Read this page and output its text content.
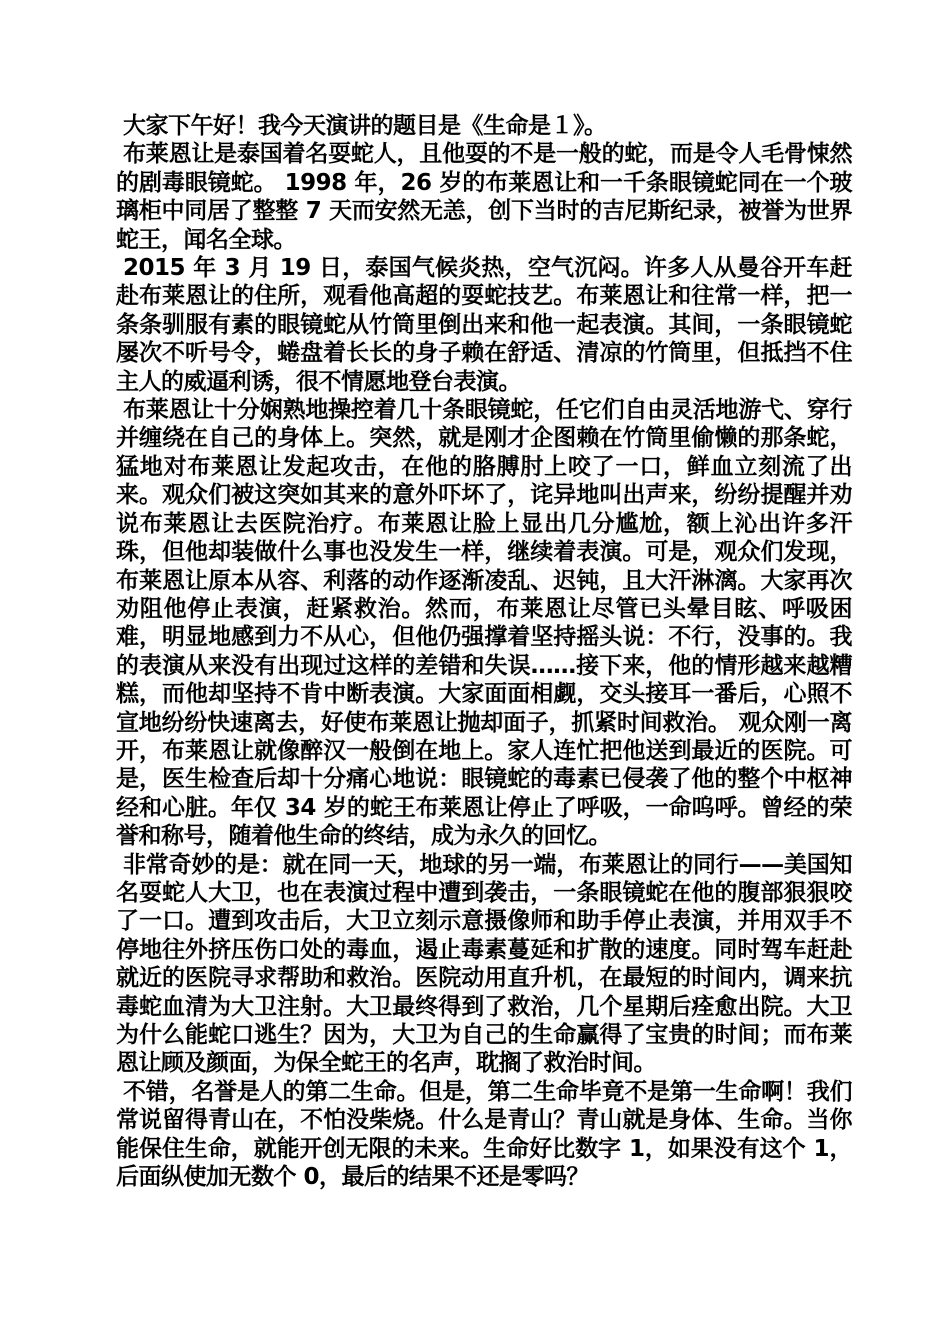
大家下午好！我今天演讲的题目是《生命是１》。

布莱恩让是泰国着名耍蛇人，且他耍的不是一般的蛇，而是令人毛骨悚然的剧毒眼镜蛇。 1998 年，26 岁的布莱恩让和一千条眼镜蛇同在一个玻璃柜中同居了整整 7 天而安然无恙，创下当时的吉尼斯纪录，被誉为世界蛇王，闻名全球。

2015 年 3 月 19 日，泰国气候炎热，空气沉闷。许多人从曼谷开车赶赴布莱恩让的住所，观看他高超的耍蛇技艺。布莱恩让和往常一样，把一条条驯服有素的眼镜蛇从竹筒里倒出来和他一起表演。其间，一条眼镜蛇屡次不听号令，蜷盘着长长的身子赖在舒适、清凉的竹筒里，但抵挡不住主人的威逼利诱，很不情愿地登台表演。

布莱恩让十分娴熟地操控着几十条眼镜蛇，任它们自由灵活地游弋、穿行并缠绕在自己的身体上。突然，就是刚才企图赖在竹筒里偷懒的那条蛇，猛地对布莱恩让发起攻击，在他的胳膊肘上咬了一口，鲜血立刻流了出来。观众们被这突如其来的意外吓坏了，诧异地叫出声来，纷纷提醒并劝说布莱恩让去医院治疗。布莱恩让脸上显出几分尴尬，额上沁出许多汗珠，但他却装做什么事也没发生一样，继续着表演。可是，观众们发现，布莱恩让原本从容、利落的动作逐渐凌乱、迟钝，且大汗淋漓。大家再次劝阻他停止表演，赶紧救治。然而，布莱恩让尽管已头晕目眩、呼吸困难，明显地感到力不从心，但他仍强撑着坚持摇头说：不行，没事的。我的表演从来没有出现过这样的差错和失误……接下来，他的情形越来越糟糕，而他却坚持不肯中断表演。大家面面相觑，交头接耳一番后，心照不宣地纷纷快速离去，好使布莱恩让抛却面子，抓紧时间救治。 观众刚一离开，布莱恩让就像醉汉一般倒在地上。家人连忙把他送到最近的医院。可是，医生检查后却十分痛心地说：眼镜蛇的毒素已侵袭了他的整个中枢神经和心脏。年仅 34 岁的蛇王布莱恩让停止了呼吸，一命呜呼。曾经的荣誉和称号，随着他生命的终结，成为永久的回忆。

非常奇妙的是：就在同一天，地球的另一端，布莱恩让的同行——美国知名耍蛇人大卫，也在表演过程中遭到袭击，一条眼镜蛇在他的腹部狠狠咬了一口。遭到攻击后，大卫立刻示意摄像师和助手停止表演，并用双手不停地往外挤压伤口处的毒血，遏止毒素蔓延和扩散的速度。同时驾车赶赴就近的医院寻求帮助和救治。医院动用直升机，在最短的时间内，调来抗毒蛇血清为大卫注射。大卫最终得到了救治，几个星期后痊愈出院。大卫为什么能蛇口逃生？因为，大卫为自己的生命赢得了宝贵的时间；而布莱恩让顾及颜面，为保全蛇王的名声，耽搁了救治时间。

不错，名誉是人的第二生命。但是，第二生命毕竟不是第一生命啊！我们常说留得青山在，不怕没柴烧。什么是青山？青山就是身体、生命。当你能保住生命，就能开创无限的未来。生命好比数字 1，如果没有这个 1，后面纵使加无数个 0，最后的结果不还是零吗？
